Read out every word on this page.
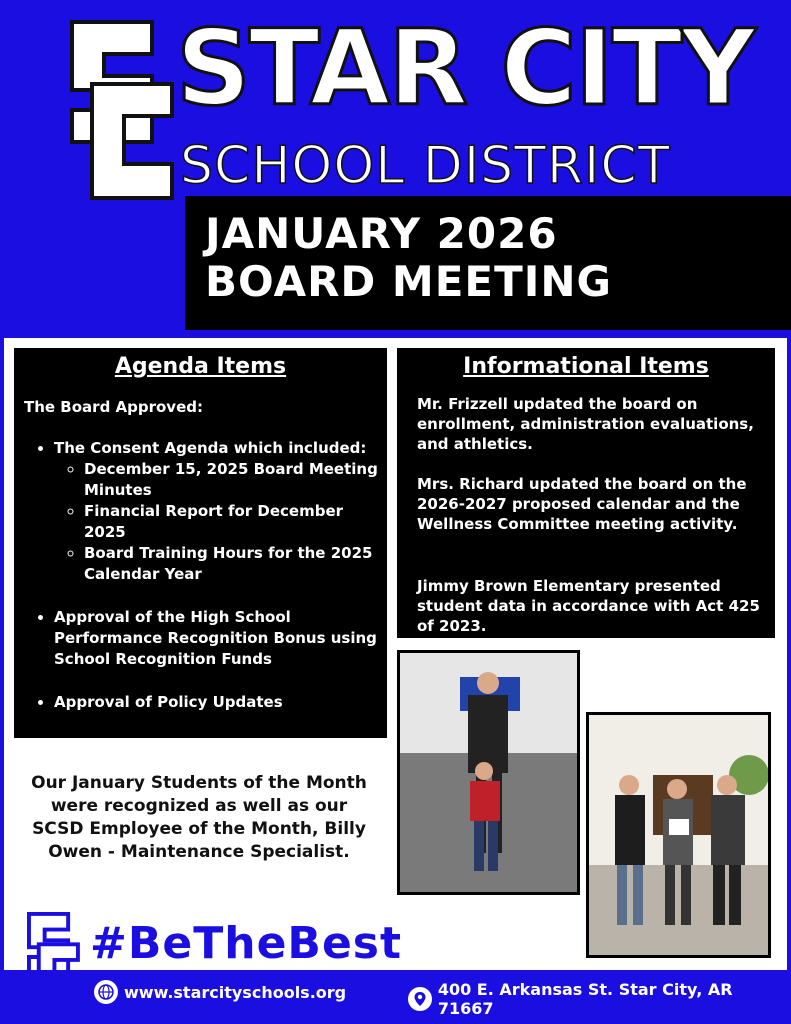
STAR CITY
SCHOOL DISTRICT
JANUARY 2026
BOARD MEETING
Agenda Items
The Board Approved:
• The Consent Agenda which included:
◦ December 15, 2025 Board Meeting Minutes
◦ Financial Report for December 2025
◦ Board Training Hours for the 2025 Calendar Year
• Approval of the High School Performance Recognition Bonus using School Recognition Funds
• Approval of Policy Updates
Informational Items

Mr. Frizzell updated the board on enrollment, administration evaluations, and athletics.

Mrs. Richard updated the board on the 2026-2027 proposed calendar and the Wellness Committee meeting activity.

Jimmy Brown Elementary presented student data in accordance with Act 425 of 2023.

Our January Students of the Month were recognized as well as our SCSD Employee of the Month, Billy Owen - Maintenance Specialist.
#BeTheBest
www.starcityschools.org	400 E. Arkansas St. Star City, AR 71667
